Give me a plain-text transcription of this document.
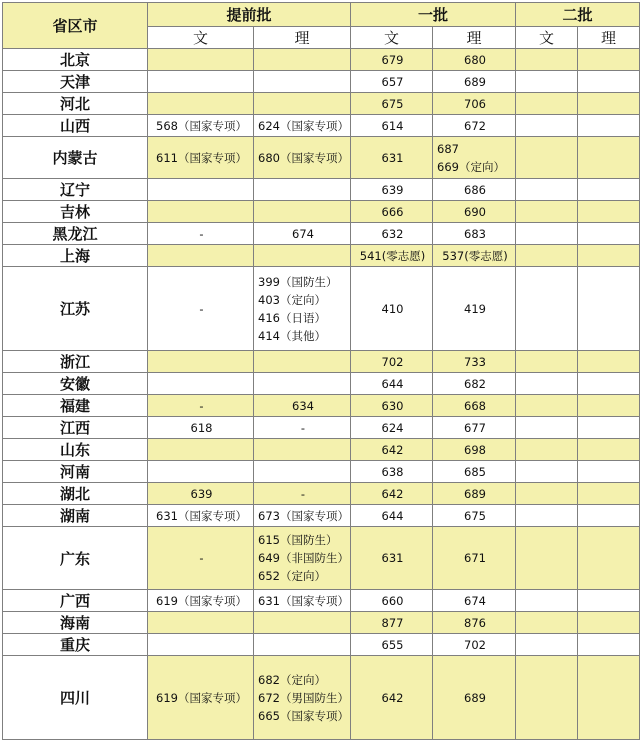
省区市	提前批		一批		二批	
	文	理	文	理	文	理
北京			679	680		

天津			657	689		

河北			675	706		

山西	568（国家专项）	624（国家专项）	614	672		

内蒙古	611（国家专项）	680（国家专项）	631	687
669（定向）		

辽宁			639	686		

吉林			666	690		

黑龙江	-	674	632	683		

上海			541(零志愿)	537(零志愿)		

江苏	-	399（国防生）
403（定向）
416（日语）
414（其他）	410	419		

浙江			702	733		

安徽			644	682		

福建	-	634	630	668		

江西	618	-	624	677		

山东			642	698		

河南			638	685		

湖北	639	-	642	689		

湖南	631（国家专项）	673（国家专项）	644	675		

广东	-	615（国防生）
649（非国防生）
652（定向）	631	671		

广西	619（国家专项）	631（国家专项）	660	674		

海南			877	876		

重庆			655	702		

四川	619（国家专项）	682（定向）
672（男国防生）
665（国家专项）	642	689		
